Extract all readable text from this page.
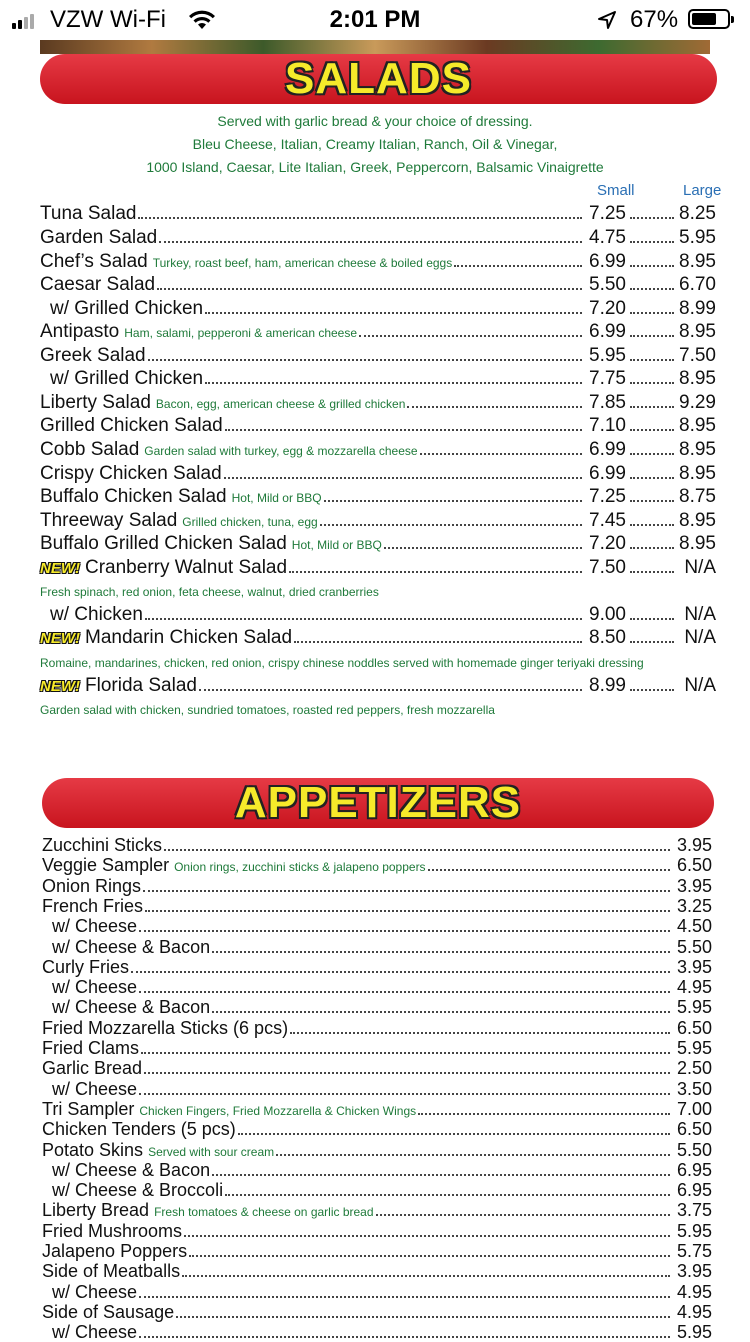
VZW Wi-Fi	2:01 PM	67%
SALADS
Served with garlic bread & your choice of dressing.
Bleu Cheese, Italian, Creamy Italian, Ranch, Oil & Vinegar,
1000 Island, Caesar, Lite Italian, Greek, Peppercorn, Balsamic Vinaigrette
Small	Large
Tuna Salad	7.25	8.25
Garden Salad	4.75	5.95
Chef’s Salad Turkey, roast beef, ham, american cheese & boiled eggs	6.99	8.95
Caesar Salad	5.50	6.70
w/ Grilled Chicken	7.20	8.99
Antipasto Ham, salami, pepperoni & american cheese	6.99	8.95
Greek Salad	5.95	7.50
w/ Grilled Chicken	7.75	8.95
Liberty Salad Bacon, egg, american cheese & grilled chicken	7.85	9.29
Grilled Chicken Salad	7.10	8.95
Cobb Salad Garden salad with turkey, egg & mozzarella cheese	6.99	8.95
Crispy Chicken Salad	6.99	8.95
Buffalo Chicken Salad Hot, Mild or BBQ	7.25	8.75
Threeway Salad Grilled chicken, tuna, egg	7.45	8.95
Buffalo Grilled Chicken Salad Hot, Mild or BBQ	7.20	8.95
NEW! Cranberry Walnut Salad	7.50	N/A
w/ Chicken	9.00	N/A
NEW! Mandarin Chicken Salad	8.50	N/A
NEW! Florida Salad	8.99	N/A
Fresh spinach, red onion, feta cheese, walnut, dried cranberries
Romaine, mandarines, chicken, red onion, crispy chinese noddles served with homemade ginger teriyaki dressing
Garden salad with chicken, sundried tomatoes, roasted red peppers, fresh mozzarella
APPETIZERS
Zucchini Sticks	3.95
Veggie Sampler Onion rings, zucchini sticks & jalapeno poppers	6.50
Onion Rings	3.95
French Fries	3.25
w/ Cheese	4.50
w/ Cheese & Bacon	5.50
Curly Fries	3.95
w/ Cheese	4.95
w/ Cheese & Bacon	5.95
Fried Mozzarella Sticks (6 pcs)	6.50
Fried Clams	5.95
Garlic Bread	2.50
w/ Cheese	3.50
Tri Sampler Chicken Fingers, Fried Mozzarella & Chicken Wings	7.00
Chicken Tenders (5 pcs)	6.50
Potato Skins Served with sour cream	5.50
w/ Cheese & Bacon	6.95
w/ Cheese & Broccoli	6.95
Liberty Bread Fresh tomatoes & cheese on garlic bread	3.75
Fried Mushrooms	5.95
Jalapeno Poppers	5.75
Side of Meatballs	3.95
w/ Cheese	4.95
Side of Sausage	4.95
w/ Cheese	5.95
